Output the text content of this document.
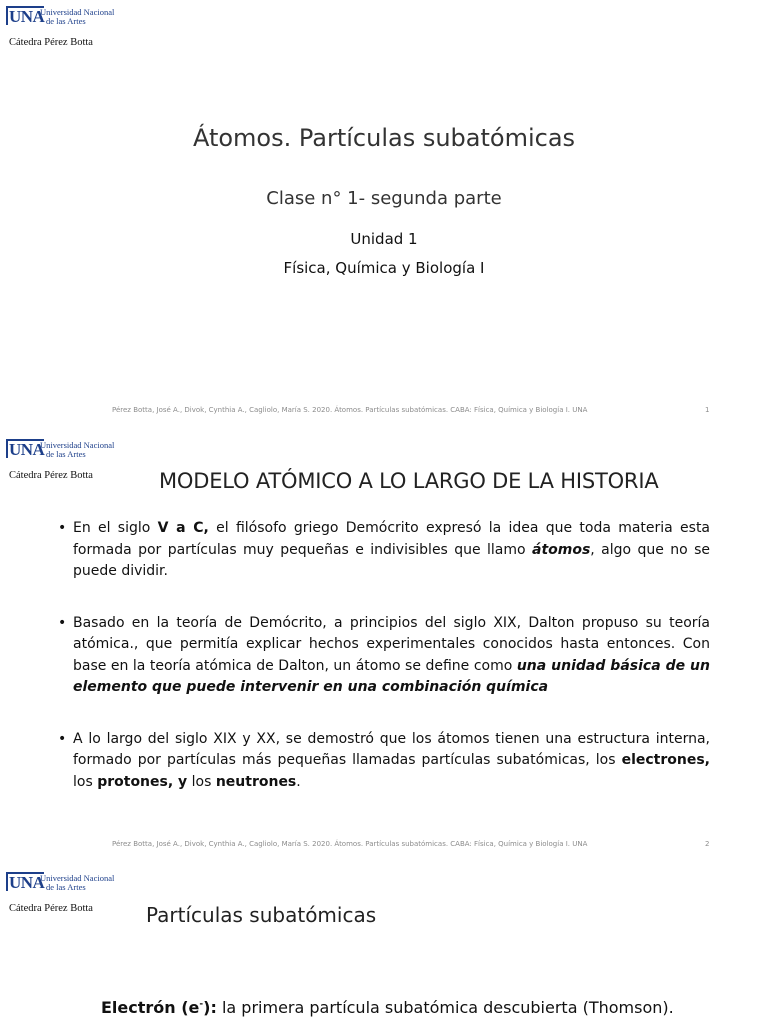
UNA
Universidad Nacional
de las Artes
Cátedra Pérez Botta
Átomos. Partículas subatómicas
Clase n° 1- segunda parte
Unidad 1
Física, Química y Biología I
Pérez Botta, José A., Divok, Cynthia A., Cagliolo, María S. 2020. Átomos. Partículas subatómicas. CABA: Física, Química y Biología I. UNA	1
UNA
Universidad Nacional
de las Artes
Cátedra Pérez Botta	MODELO ATÓMICO A LO LARGO DE LA HISTORIA
• En el siglo V a C, el filósofo griego Demócrito expresó la idea que toda materia esta formada por partículas muy pequeñas e indivisibles que llamo átomos, algo que no se puede dividir.
• Basado en la teoría de Demócrito, a principios del siglo XIX, Dalton propuso su teoría atómica., que permitía explicar hechos experimentales conocidos hasta entonces. Con base en la teoría atómica de Dalton, un átomo se define como una unidad básica de un elemento que puede intervenir en una combinación química
• A lo largo del siglo XIX y XX, se demostró que los átomos tienen una estructura interna, formado por partículas más pequeñas llamadas partículas subatómicas, los electrones, los protones, y los neutrones.
Pérez Botta, José A., Divok, Cynthia A., Cagliolo, María S. 2020. Átomos. Partículas subatómicas. CABA: Física, Química y Biología I. UNA	2
UNA
Universidad Nacional
de las Artes
Cátedra Pérez Botta	Partículas subatómicas
Electrón (e-): la primera partícula subatómica descubierta (Thomson).
